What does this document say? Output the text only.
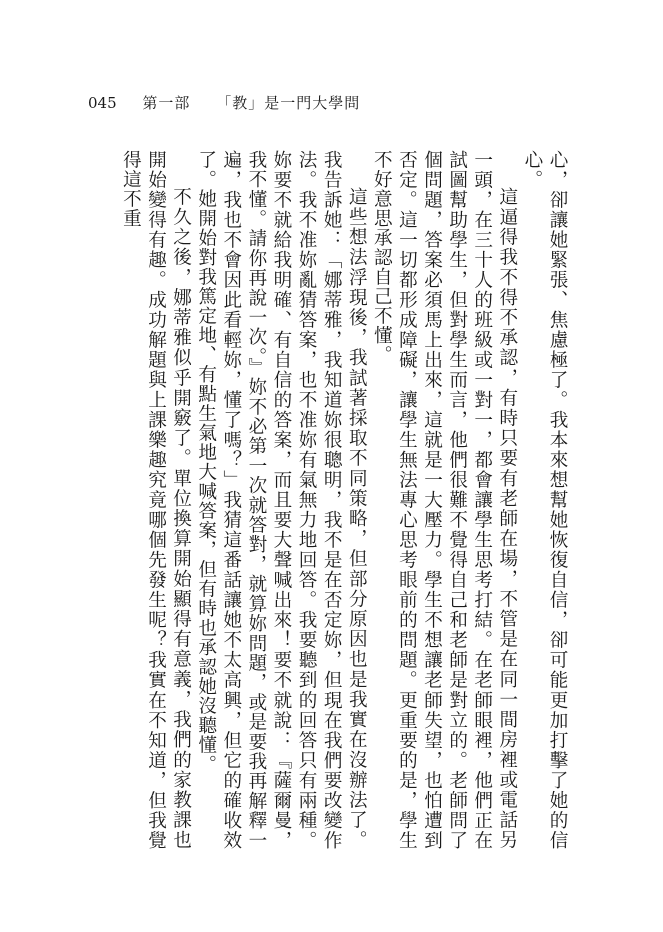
045 第一部 「教」是一門大學問

心，卻讓她緊張、焦慮極了。我本來想幫她恢復自信，卻可能更加打擊了她的信心。

這逼得我不得不承認，有時只要有老師在場，不管是在同一間房裡或電話另一頭，在三十人的班級或一對一，都會讓學生思考打結。在老師眼裡，他們正在試圖幫助學生，但對學生而言，他們很難不覺得自己和老師是對立的。老師問了個問題，答案必須馬上出來，這就是一大壓力。學生不想讓老師失望，也怕遭到否定。這一切都形成障礙，讓學生無法專心思考眼前的問題。更重要的是，學生不好意思承認自己不懂。

這些想法浮現後，我試著採取不同策略，但部分原因也是我實在沒辦法了。我告訴她：「娜蒂雅，我知道妳很聰明，我不是在否定妳，但現在我們要改變作法。我不准妳亂猜答案，也不准妳有氣無力地回答。我要聽到的回答只有兩種。妳要不就給我明確、有自信的答案，而且要大聲喊出來！要不就說：『薩爾曼，我不懂。請你再說一次。』妳不必第一次就答對，就算妳問題，或是要我再解釋一遍，我也不會因此看輕妳，懂了嗎？」我猜這番話讓她不太高興，但它的確收效了。她開始對我篤定地、有點生氣地大喊答案，但有時也承認她沒聽懂。

不久之後，娜蒂雅似乎開竅了。單位換算開始顯得有意義，我們的家教課也開始變得有趣。成功解題與上課樂趣究竟哪個先發生呢？我實在不知道，但我覺得這不重
